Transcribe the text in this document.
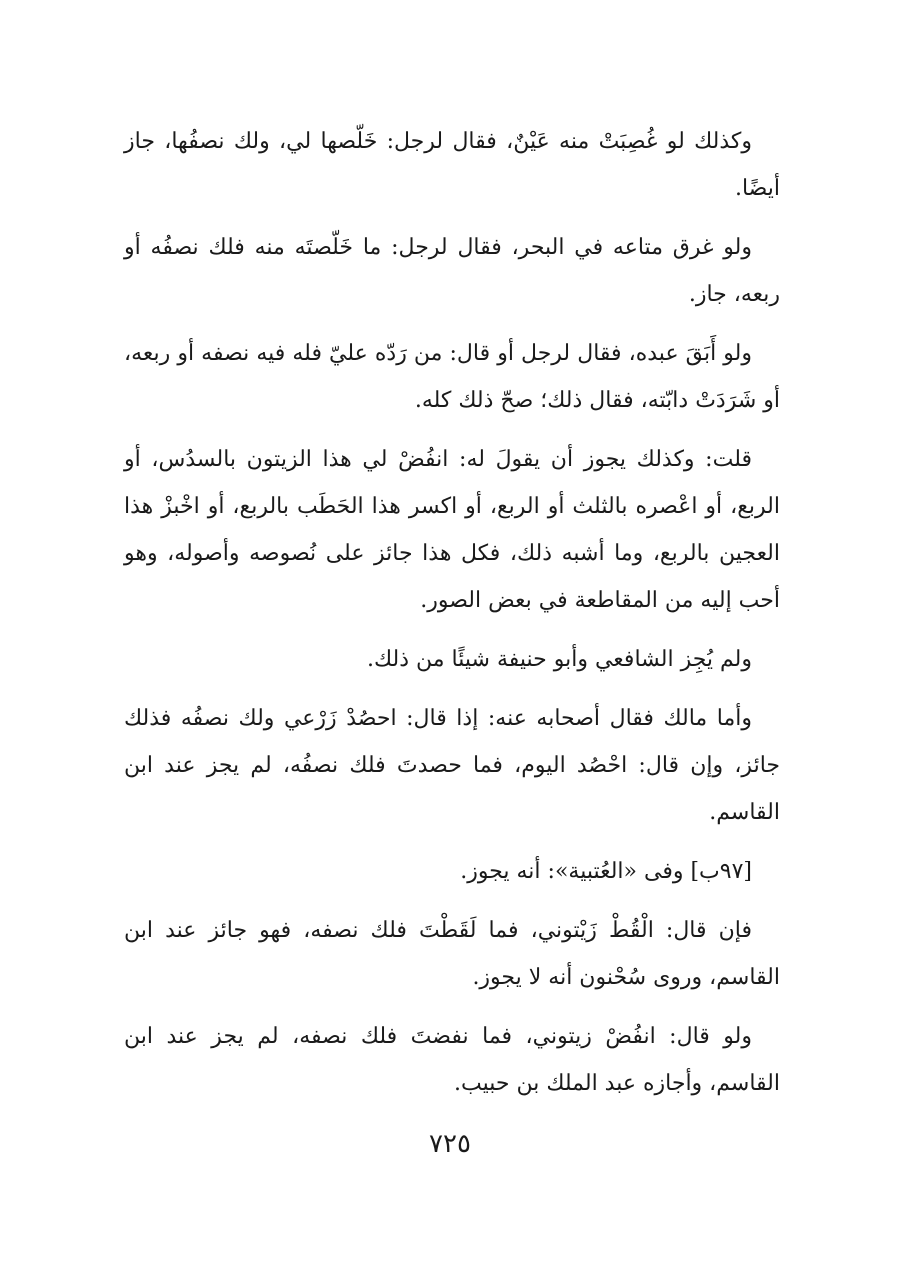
وكذلك لو غُصِبَتْ منه عَيْنٌ، فقال لرجل: خَلّصها لي، ولك نصفُها، جاز أيضًا.

ولو غرق متاعه في البحر، فقال لرجل: ما خَلّصتَه منه فلك نصفُه أو ربعه، جاز.

ولو أَبَقَ عبده، فقال لرجل أو قال: من رَدّه عليّ فله فيه نصفه أو ربعه، أو شَرَدَتْ دابّته، فقال ذلك؛ صحّ ذلك كله.

قلت: وكذلك يجوز أن يقولَ له: انفُضْ لي هذا الزيتون بالسدُس، أو الربع، أو اعْصره بالثلث أو الربع، أو اكسر هذا الحَطَب بالربع، أو اخْبزْ هذا العجين بالربع، وما أشبه ذلك، فكل هذا جائز على نُصوصه وأصوله، وهو أحب إليه من المقاطعة في بعض الصور.

ولم يُجِز الشافعي وأبو حنيفة شيئًا من ذلك.

وأما مالك فقال أصحابه عنه: إذا قال: احصُدْ زَرْعي ولك نصفُه فذلك جائز، وإن قال: احْصُد اليوم، فما حصدتَ فلك نصفُه، لم يجز عند ابن القاسم.

[٩٧ب] وفى «العُتبية»: أنه يجوز.

فإن قال: الْقُطْ زَيْتوني، فما لَقَطْتَ فلك نصفه، فهو جائز عند ابن القاسم، وروى سُحْنون أنه لا يجوز.

ولو قال: انفُضْ زيتوني، فما نفضتَ فلك نصفه، لم يجز عند ابن القاسم، وأجازه عبد الملك بن حبيب.

٧٢٥
